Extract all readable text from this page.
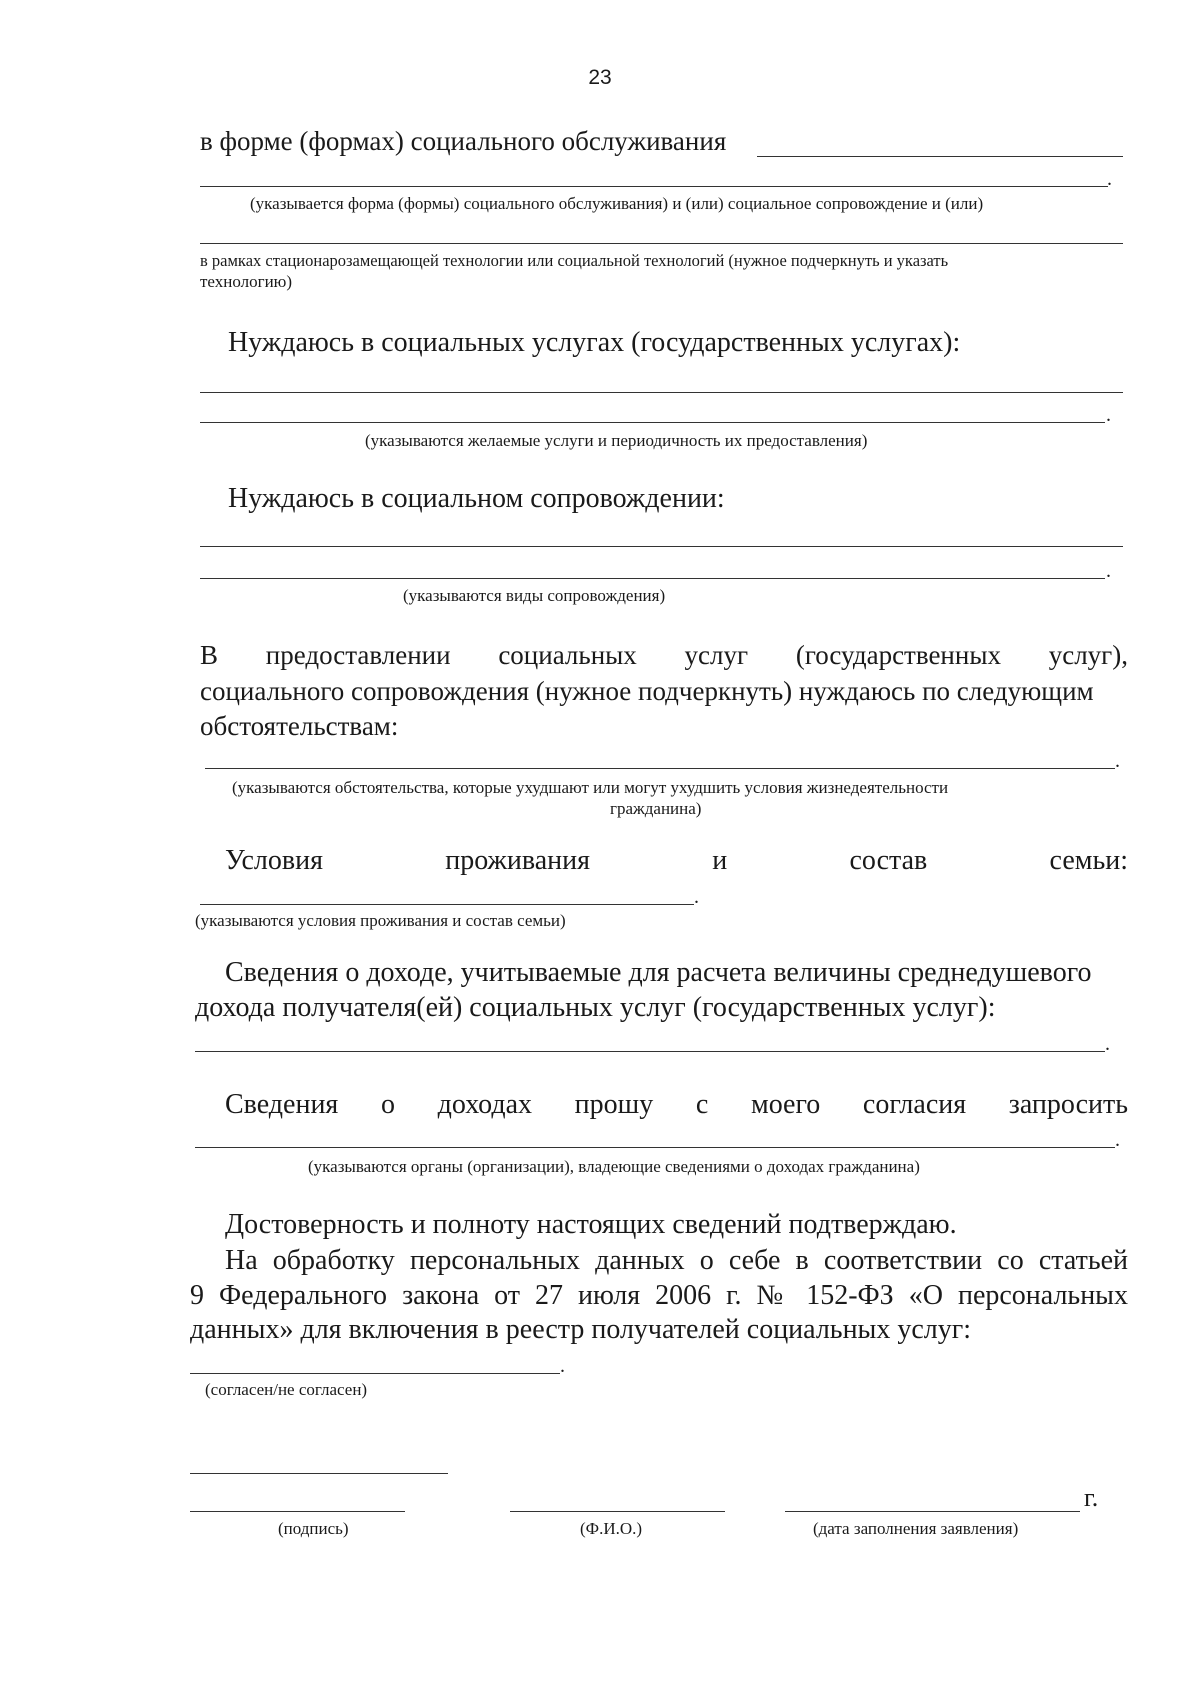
23
в форме (формах) социального обслуживания
.
(указывается форма (формы) социального обслуживания) и (или) социальное сопровождение и (или)
в рамках стационарозамещающей технологии или социальной технологий (нужное подчеркнуть и указать
технологию)
Нуждаюсь в социальных услугах (государственных услугах):
.
(указываются желаемые услуги и периодичность их предоставления)
Нуждаюсь в социальном сопровождении:
.
(указываются виды сопровождения)
В предоставлении социальных услуг (государственных услуг),
социального сопровождения (нужное подчеркнуть) нуждаюсь по следующим
обстоятельствам:
.
(указываются обстоятельства, которые ухудшают или могут ухудшить условия жизнедеятельности
гражданина)
Условия проживания и состав семьи:
.
(указываются условия проживания и состав семьи)
Сведения о доходе, учитываемые для расчета величины среднедушевого
дохода получателя(ей) социальных услуг (государственных услуг):
.
Сведения о доходах прошу с моего согласия запросить
.
(указываются органы (организации), владеющие сведениями о доходах гражданина)
Достоверность и полноту настоящих сведений подтверждаю.
На обработку персональных данных о себе в соответствии со статьей
9 Федерального закона от 27 июля 2006 г. № 152-ФЗ «О персональных
данных» для включения в реестр получателей социальных услуг:
.
(согласен/не согласен)
(подпись)	(Ф.И.О.)
г.
(дата заполнения заявления)
